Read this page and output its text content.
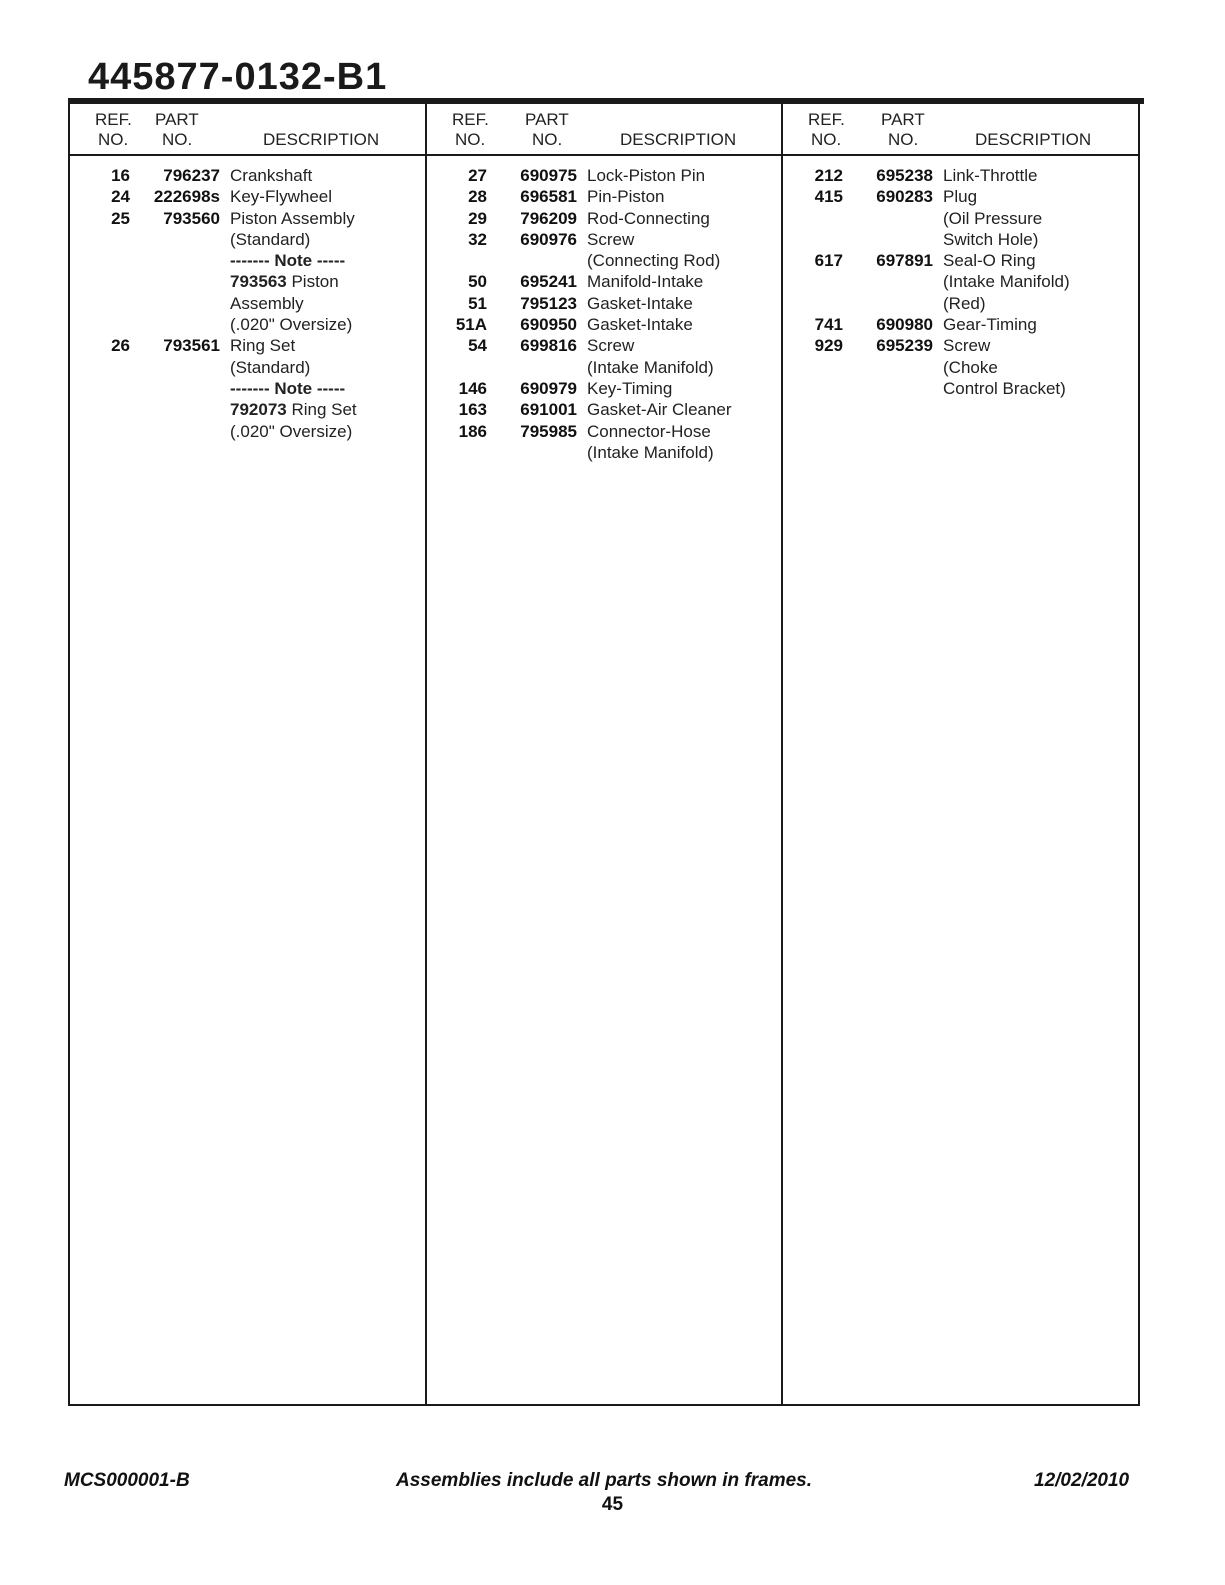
445877-0132-B1
REF.
NO.
PART
NO.	DESCRIPTION
16	796237 Crankshaft
24	222698s Key-Flywheel
25	793560 Piston Assembly
(Standard)
------- Note -----
793563 Piston
Assembly
(.020" Oversize)
26	793561 Ring Set
(Standard)
------- Note -----
792073 Ring Set
(.020" Oversize)
REF.
NO.
PART
NO.	DESCRIPTION
27	690975 Lock-Piston Pin
28	696581 Pin-Piston
29	796209 Rod-Connecting
32	690976 Screw
(Connecting Rod)
50	695241 Manifold-Intake
51	795123 Gasket-Intake
51A	690950 Gasket-Intake
54	699816 Screw
(Intake Manifold)
146	690979 Key-Timing
163	691001 Gasket-Air Cleaner
186	795985 Connector-Hose
(Intake Manifold)
REF.
NO.
PART
NO.	DESCRIPTION
212	695238 Link-Throttle
415	690283 Plug
(Oil Pressure
Switch Hole)
617	697891 Seal-O Ring
(Intake Manifold)
(Red)
741	690980 Gear-Timing
929	695239 Screw
(Choke
Control Bracket)
MCS000001-B	Assemblies include all parts shown in frames.	12/02/2010
45
